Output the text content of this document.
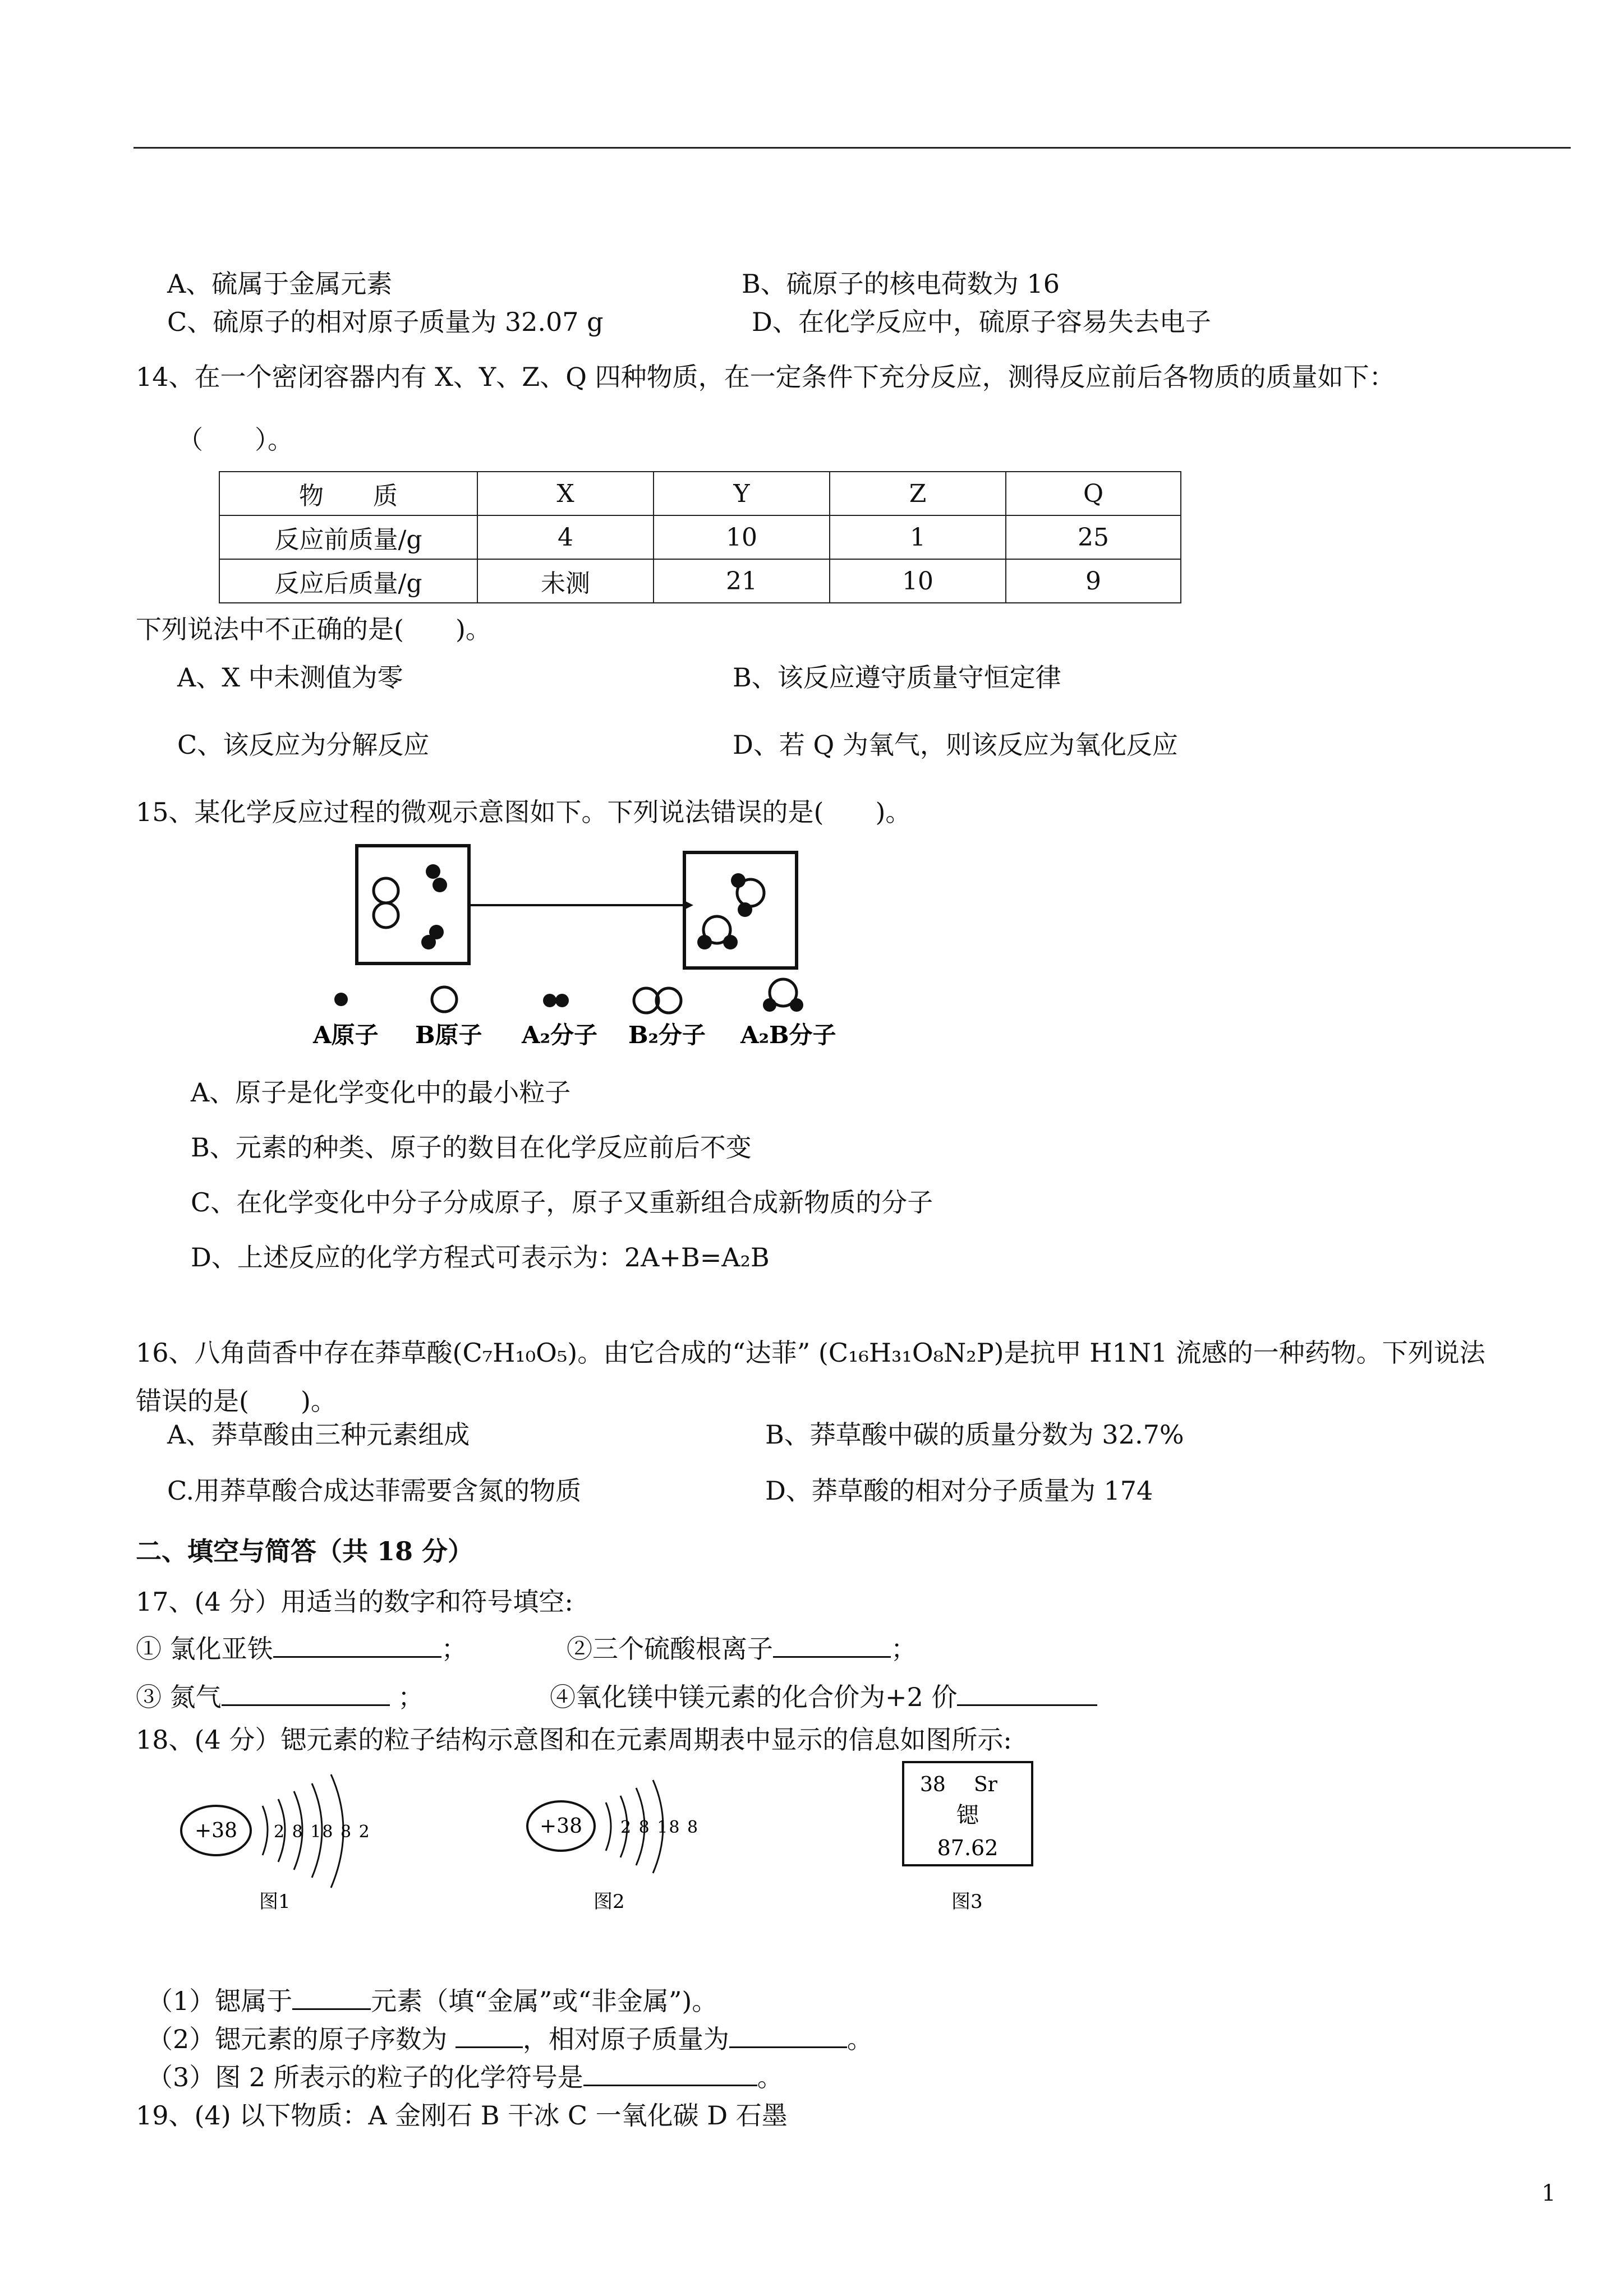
A、硫属于金属元素	B、硫原子的核电荷数为 16
C、硫原子的相对原子质量为 32.07 g	D、在化学反应中，硫原子容易失去电子
14、在一个密闭容器内有 X、Y、Z、Q 四种物质，在一定条件下充分反应，测得反应前后各物质的质量如下：
（　　）。
物　　质	X	Y	Z	Q
反应前质量/g	4	10	1	25
反应后质量/g	未测	21	10	9
下列说法中不正确的是(　　)。
A、X 中未测值为零	B、该反应遵守质量守恒定律
C、该反应为分解反应	D、若 Q 为氧气，则该反应为氧化反应
15、某化学反应过程的微观示意图如下。下列说法错误的是(　　)。
A原子 B原子 A₂分子 B₂分子 A₂B分子
A、原子是化学变化中的最小粒子
B、元素的种类、原子的数目在化学反应前后不变
C、在化学变化中分子分成原子，原子又重新组合成新物质的分子
D、上述反应的化学方程式可表示为：2A+B=A₂B
16、八角茴香中存在莽草酸(C₇H₁₀O₅)。由它合成的“达菲” (C₁₆H₃₁O₈N₂P)是抗甲 H1N1 流感的一种药物。下列说法
错误的是(　　)。
A、莽草酸由三种元素组成	B、莽草酸中碳的质量分数为 32.7%
C.用莽草酸合成达菲需要含氮的物质	D、莽草酸的相对分子质量为 174
二、填空与简答（共 18 分）
17、(4 分）用适当的数字和符号填空:
① 氯化亚铁	；	②三个硫酸根离子	；
③ 氮气	；	④氧化镁中镁元素的化合价为+2 价
18、(4 分）锶元素的粒子结构示意图和在元素周期表中显示的信息如图所示:
+38 2 8 18 8 2
图1
+38 2 8 18 8
图2
38 Sr
锶
87.62
图3
（1）锶属于	元素（填“金属”或“非金属”)。
（2）锶元素的原子序数为	，相对原子质量为	。
（3）图 2 所表示的粒子的化学符号是	。
19、(4) 以下物质：A 金刚石 B 干冰 C 一氧化碳 D 石墨
1
